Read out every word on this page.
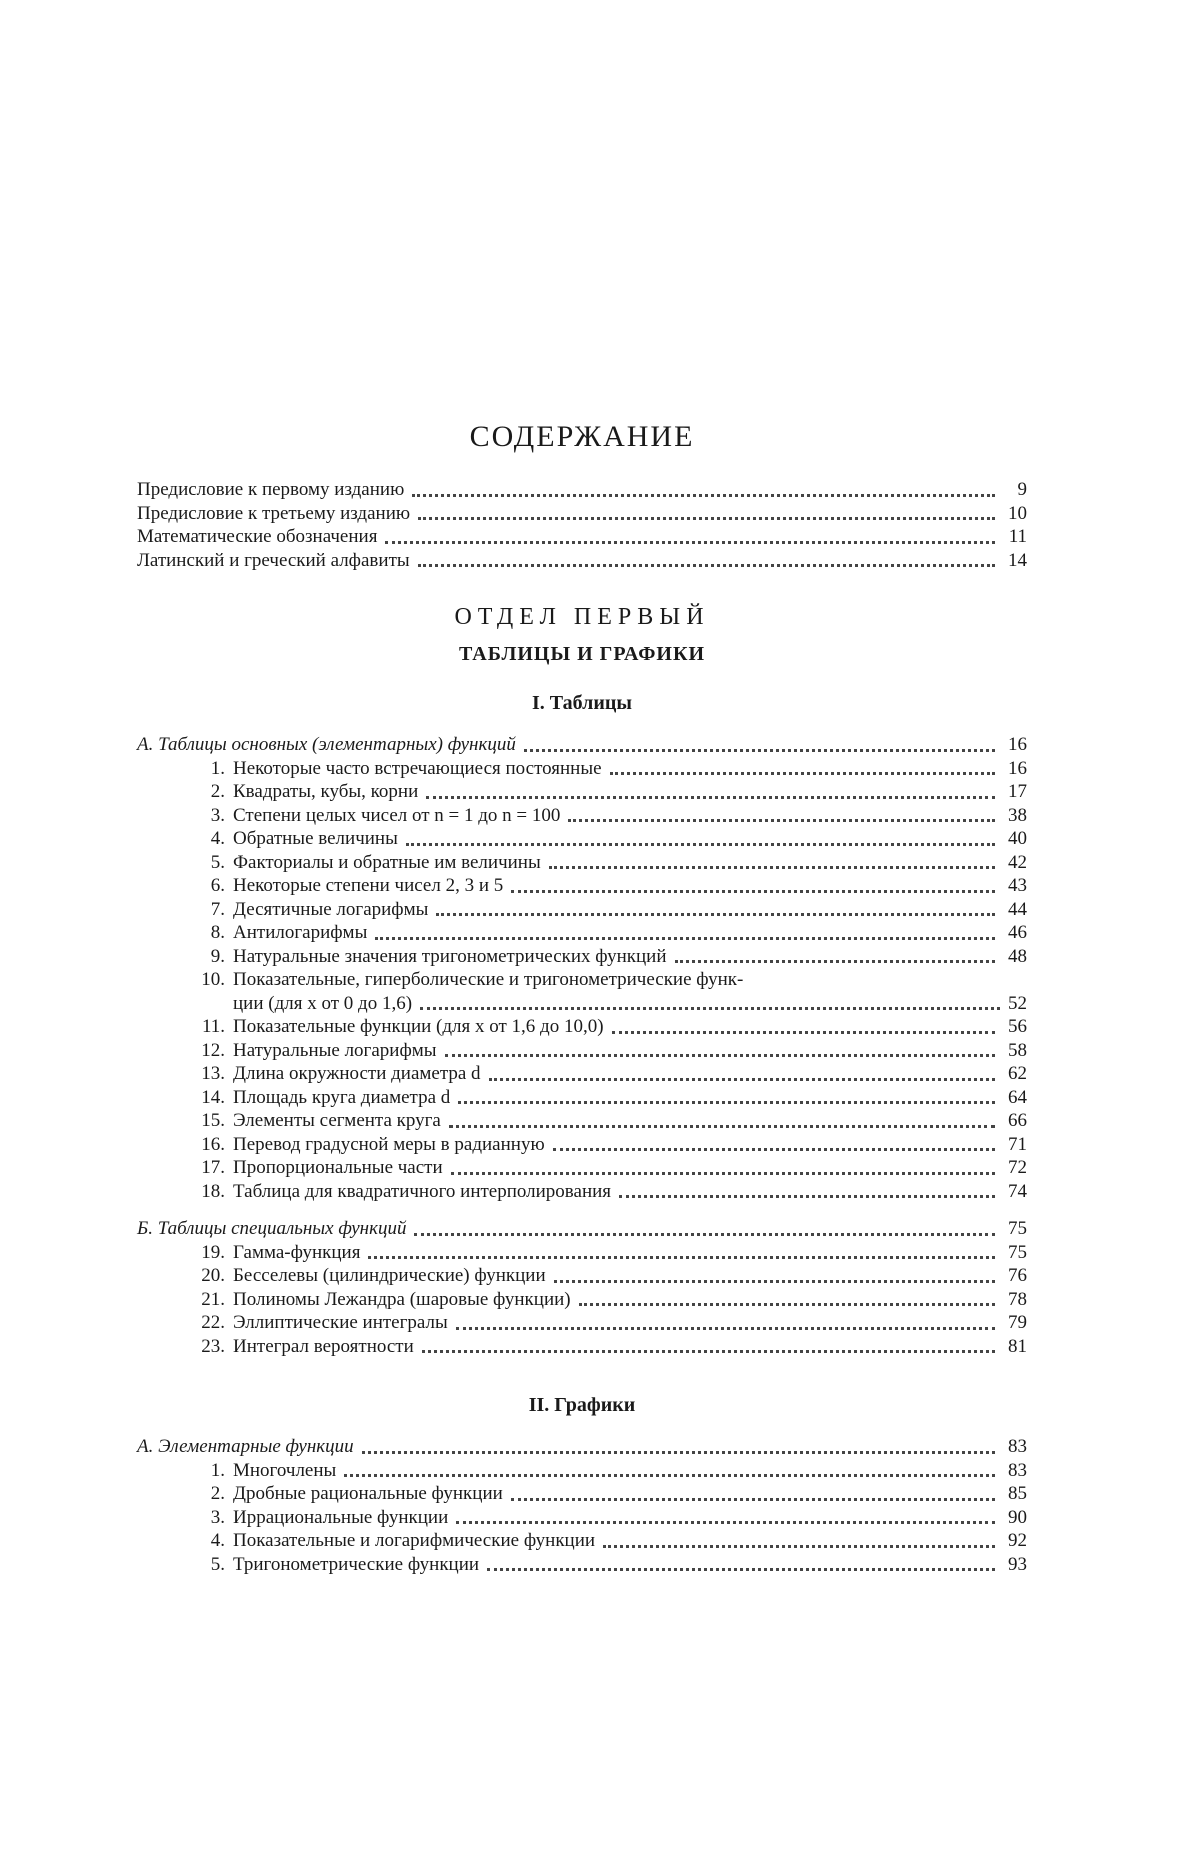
СОДЕРЖАНИЕ
Предисловие к первому изданию	9
Предисловие к третьему изданию	10
Математические обозначения	11
Латинский и греческий алфавиты	14
ОТДЕЛ ПЕРВЫЙ
ТАБЛИЦЫ И ГРАФИКИ
I. Таблицы
А. Таблицы основных (элементарных) функций	16
1. Некоторые часто встречающиеся постоянные	16
2. Квадраты, кубы, корни	17
3. Степени целых чисел от n = 1 до n = 100	38
4. Обратные величины	40
5. Факториалы и обратные им величины	42
6. Некоторые степени чисел 2, 3 и 5	43
7. Десятичные логарифмы	44
8. Антилогарифмы	46
9. Натуральные значения тригонометрических функций	48
10. Показательные, гиперболические и тригонометрические функ-
ции (для x от 0 до 1,6)	52
11. Показательные функции (для x от 1,6 до 10,0)	56
12. Натуральные логарифмы	58
13. Длина окружности диаметра d	62
14. Площадь круга диаметра d	64
15. Элементы сегмента круга	66
16. Перевод градусной меры в радианную	71
17. Пропорциональные части	72
18. Таблица для квадратичного интерполирования	74
Б. Таблицы специальных функций	75
19. Гамма-функция	75
20. Бесселевы (цилиндрические) функции	76
21. Полиномы Лежандра (шаровые функции)	78
22. Эллиптические интегралы	79
23. Интеграл вероятности	81
II. Графики
А. Элементарные функции	83
1. Многочлены	83
2. Дробные рациональные функции	85
3. Иррациональные функции	90
4. Показательные и логарифмические функции	92
5. Тригонометрические функции	93
